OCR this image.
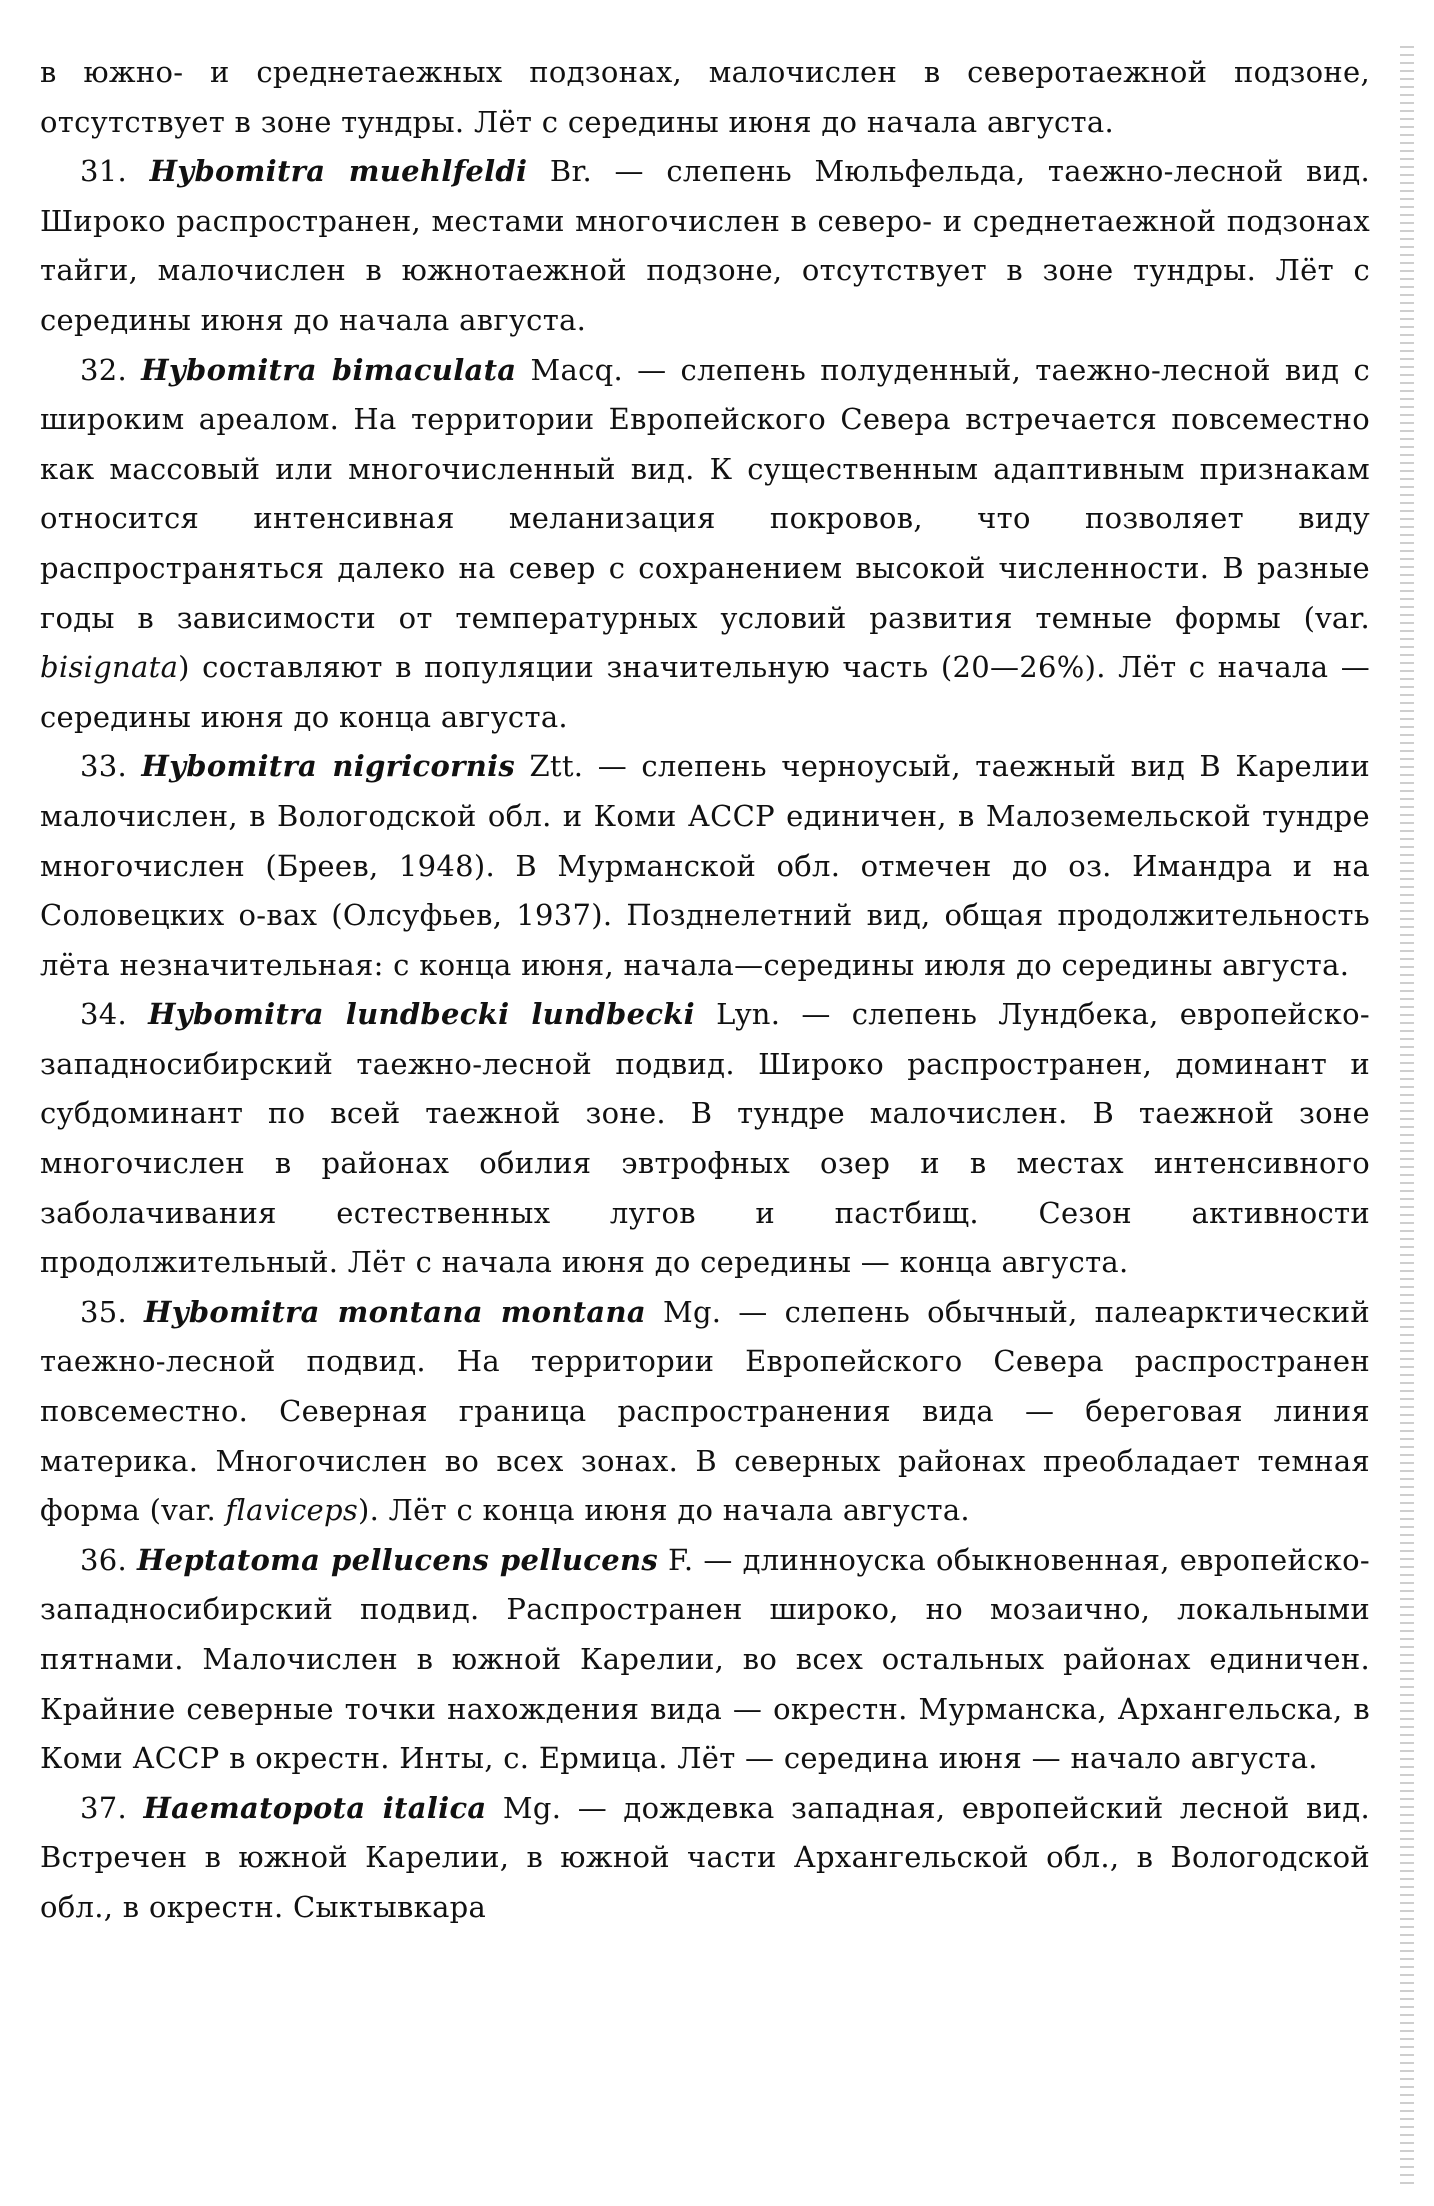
в южно- и среднетаежных подзонах, малочислен в северотаежной подзоне, отсутствует в зоне тундры. Лёт с середины июня до начала августа.

31. Hybomitra muehlfeldi Br. — слепень Мюльфельда, таежно-лесной вид. Широко распространен, местами многочислен в северо- и среднетаежной подзонах тайги, малочислен в южнотаежной подзоне, отсутствует в зоне тундры. Лёт с середины июня до начала августа.

32. Hybomitra bimaculata Macq. — слепень полуденный, таежно-лесной вид с широким ареалом. На территории Европейского Севера встречается повсеместно как массовый или многочисленный вид. К существенным адаптивным признакам относится интенсивная меланизация покровов, что позволяет виду распространяться далеко на север с сохранением высокой численности. В разные годы в зависимости от температурных условий развития темные формы (var. bisignata) составляют в популяции значительную часть (20—26%). Лёт с начала — середины июня до конца августа.

33. Hybomitra nigricornis Ztt. — слепень черноусый, таежный вид В Карелии малочислен, в Вологодской обл. и Коми АССР единичен, в Малоземельской тундре многочислен (Бреев, 1948). В Мурманской обл. отмечен до оз. Имандра и на Соловецких о-вах (Олсуфьев, 1937). Позднелетний вид, общая продолжительность лёта незначительная: с конца июня, начала—середины июля до середины августа.

34. Hybomitra lundbecki lundbecki Lyn. — слепень Лундбека, европейско-западносибирский таежно-лесной подвид. Широко распространен, доминант и субдоминант по всей таежной зоне. В тундре малочислен. В таежной зоне многочислен в районах обилия эвтрофных озер и в местах интенсивного заболачивания естественных лугов и пастбищ. Сезон активности продолжительный. Лёт с начала июня до середины — конца августа.

35. Hybomitra montana montana Mg. — слепень обычный, палеарктический таежно-лесной подвид. На территории Европейского Севера распространен повсеместно. Северная граница распространения вида — береговая линия материка. Многочислен во всех зонах. В северных районах преобладает темная форма (var. flaviceps). Лёт с конца июня до начала августа.

36. Heptatoma pellucens pellucens F. — длинноуска обыкновенная, европейско-западносибирский подвид. Распространен широко, но мозаично, локальными пятнами. Малочислен в южной Карелии, во всех остальных районах единичен. Крайние северные точки нахождения вида — окрестн. Мурманска, Архангельска, в Коми АССР в окрестн. Инты, с. Ермица. Лёт — середина июня — начало августа.

37. Haematopota italica Mg. — дождевка западная, европейский лесной вид. Встречен в южной Карелии, в южной части Архангельской обл., в Вологодской обл., в окрестн. Сыктывкара
